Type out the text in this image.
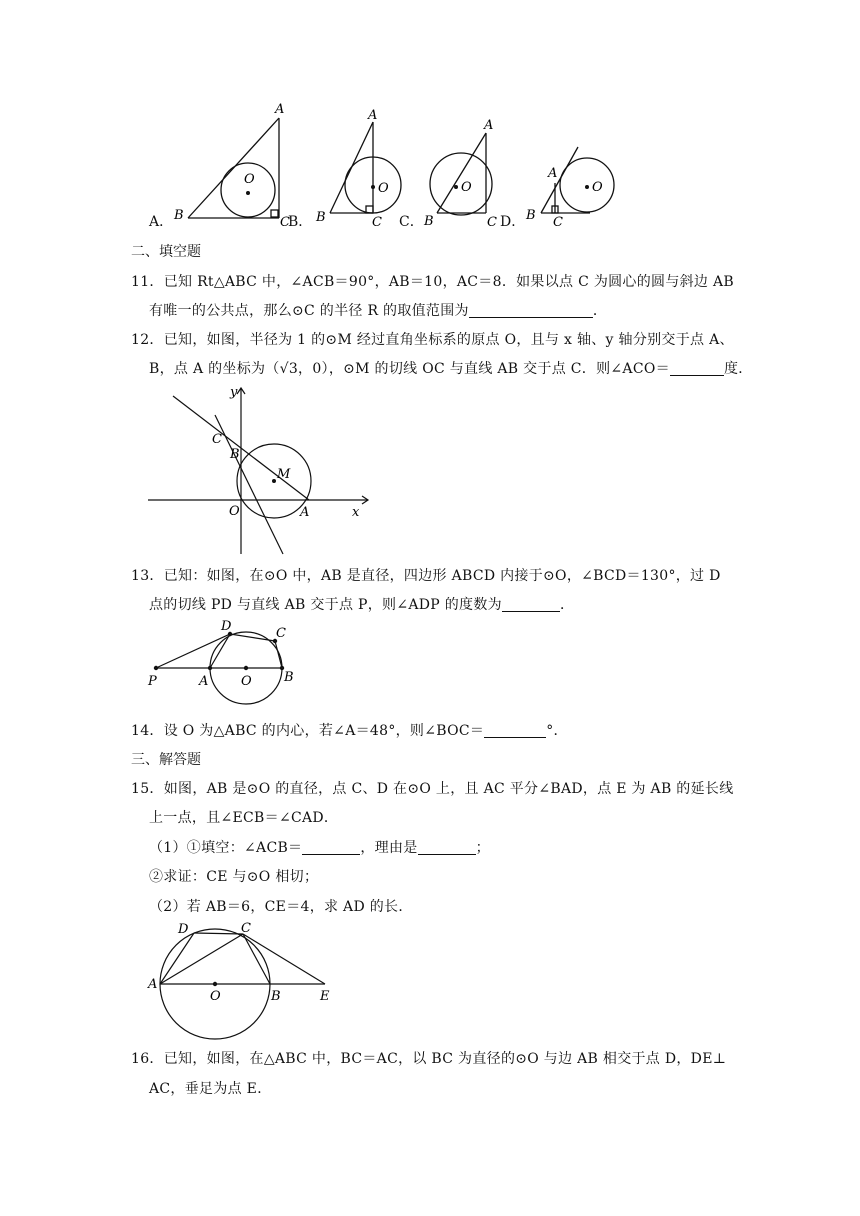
A
B
O
C
A
B
O
C
A
B
O
C
A
B
O
C
A．	B．	C．	D．
二、填空题
11．已知 Rt△ABC 中，∠ACB＝90°，AB＝10，AC＝8．如果以点 C 为圆心的圆与斜边 AB
有唯一的公共点，那么⊙C 的半径 R 的取值范围为	．
12．已知，如图，半径为 1 的⊙M 经过直角坐标系的原点 O，且与 x 轴、y 轴分别交于点 A、
B，点 A 的坐标为（√3，0），⊙M 的切线 OC 与直线 AB 交于点 C．则∠ACO＝	度．
y
x
C
B
M
O	A
13．已知：如图，在⊙O 中，AB 是直径，四边形 ABCD 内接于⊙O，∠BCD＝130°，过 D
点的切线 PD 与直线 AB 交于点 P，则∠ADP 的度数为	．
D	C
P	A	O B
14．设 O 为△ABC 的内心，若∠A＝48°，则∠BOC＝	°．
三、解答题
15．如图，AB 是⊙O 的直径，点 C、D 在⊙O 上，且 AC 平分∠BAD，点 E 为 AB 的延长线
上一点，且∠ECB＝∠CAD．
（1）①填空：∠ACB＝	，理由是	；
②求证：CE 与⊙O 相切；
（2）若 AB＝6，CE＝4，求 AD 的长．
D	C
A
O	B	E
16．已知，如图，在△ABC 中，BC＝AC，以 BC 为直径的⊙O 与边 AB 相交于点 D，DE⊥
AC，垂足为点 E．
